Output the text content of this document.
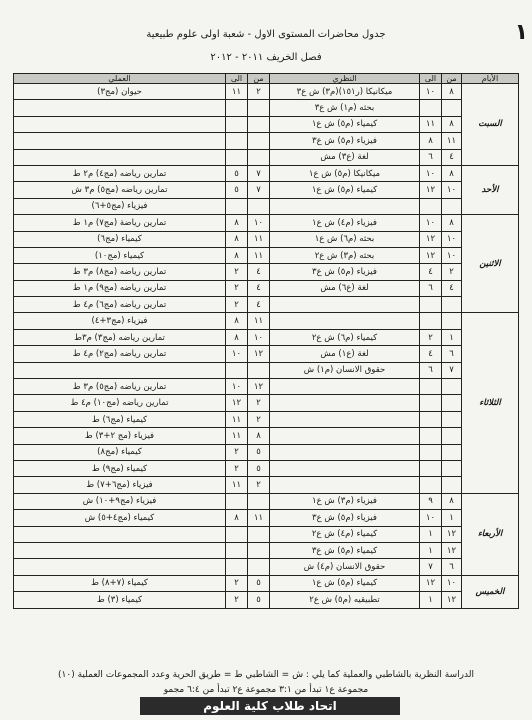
١
جدول محاضرات المستوى الاول - شعبة اولى علوم طبيعية
فصل الخريف ٢٠١١ - ٢٠١٢
الأيام	من	الى	النظري	من	الى	العملي
السبت	٨	١٠	ميكانيكا (ر١٥١)(م٣) ش ع٣	٢	١١	حيوان (مج٣)
			بحثه (م١) ش ع٣			
	٨	١١	كيمياء (م٥) ش ع١			
	١١	٨	فيزياء (م٥) ش ع٣			
	٤	٦	لغة (ع٣) مش			
الأحد	٨	١٠	ميكانيكا (م٥) ش ع١	٧	٥	تمارين رياضه (مج٤) م٢ ط
	١٠	١٢	كيمياء (م٥) ش ع١	٧	٥	تمارين رياضه (مج٥) م٣ ش
						فيزياء (مج٥+٦)
الاثنين	٨	١٠	فيزياء (م٤) ش ع١	١٠	٨	تمارين رياضة (مج٧) م١ ط
	١٠	١٢	بحثه (م٦) ش ع١	١١	٨	كيمياء (مج٦)
	١٠	١٢	بحثه (م٣) ش ع٢	١١	٨	كيمياء (مج١٠)
	٢	٤	فيزياء (م٥) ش ع٣	٤	٢	تمارين رياضه (مج٨) م٣ ط
	٤	٦	لغة (ع٦) مش	٤	٢	تمارين رياضه (مج٩) م١ ط
				٤	٢	تمارين رياضه (مج٦) م٤ ط
الثلاثاء				١١	٨	فيزياء (مج٣+٤)
	١	٢	كيمياء (م٦) ش ع٢	١٠	٨	تمارين رياضه (مج٣) م٣ط
	٦	٤	لغة (ع١) مش	١٢	١٠	تمارين رياضه (مج٢) م٤ ط
	٧	٦	حقوق الانسان (م١) ش			
				١٢	١٠	تمارين رياضه (مج٥) م٣ ط
				٢	١٢	تمارين رياضه (مج١٠) م٤ ط
				٢	١١	كيمياء (مج٦) ط
				٨	١١	فيزياء (مج ٢+٣) ط
				٥	٢	كيمياء (مج٨)
				٥	٢	كيمياء (مج٩) ط
				٢	١١	فيزياء (مج٦+٧) ط
الأربعاء	٨	٩	فيزياء (م٣) ش ع١			فيزياء (مج٩+١٠) ش
	١	١٠	فيزياء (م٥) ش ع٣	١١	٨	كيمياء (مج٤+٥) ش
	١٢	١	كيمياء (م٤) ش ع٢			
	١٢	١	كيمياء (م٥) ش ع٣			
	٦	٧	حقوق الانسان (م٤) ش			
الخميس	١٠	١٢	كيمياء (م٥) ش ع١	٥	٢	كيمياء (٧+٨) ط
	١٢	١	تطبيقيه (م٥) ش ع٢	٥	٢	كيمياء (٣) ط
الدراسة النظرية بالشاطبي والعملية كما يلي : ش = الشاطبي ط = طريق الحرية وعدد المجموعات العملية (١٠)
مجموعة ع١ تبدأ من ٣:١ مجموعة ع٢ تبدأ من ٦:٤ مجمو
اتحاد طلاب كلية العلوم
